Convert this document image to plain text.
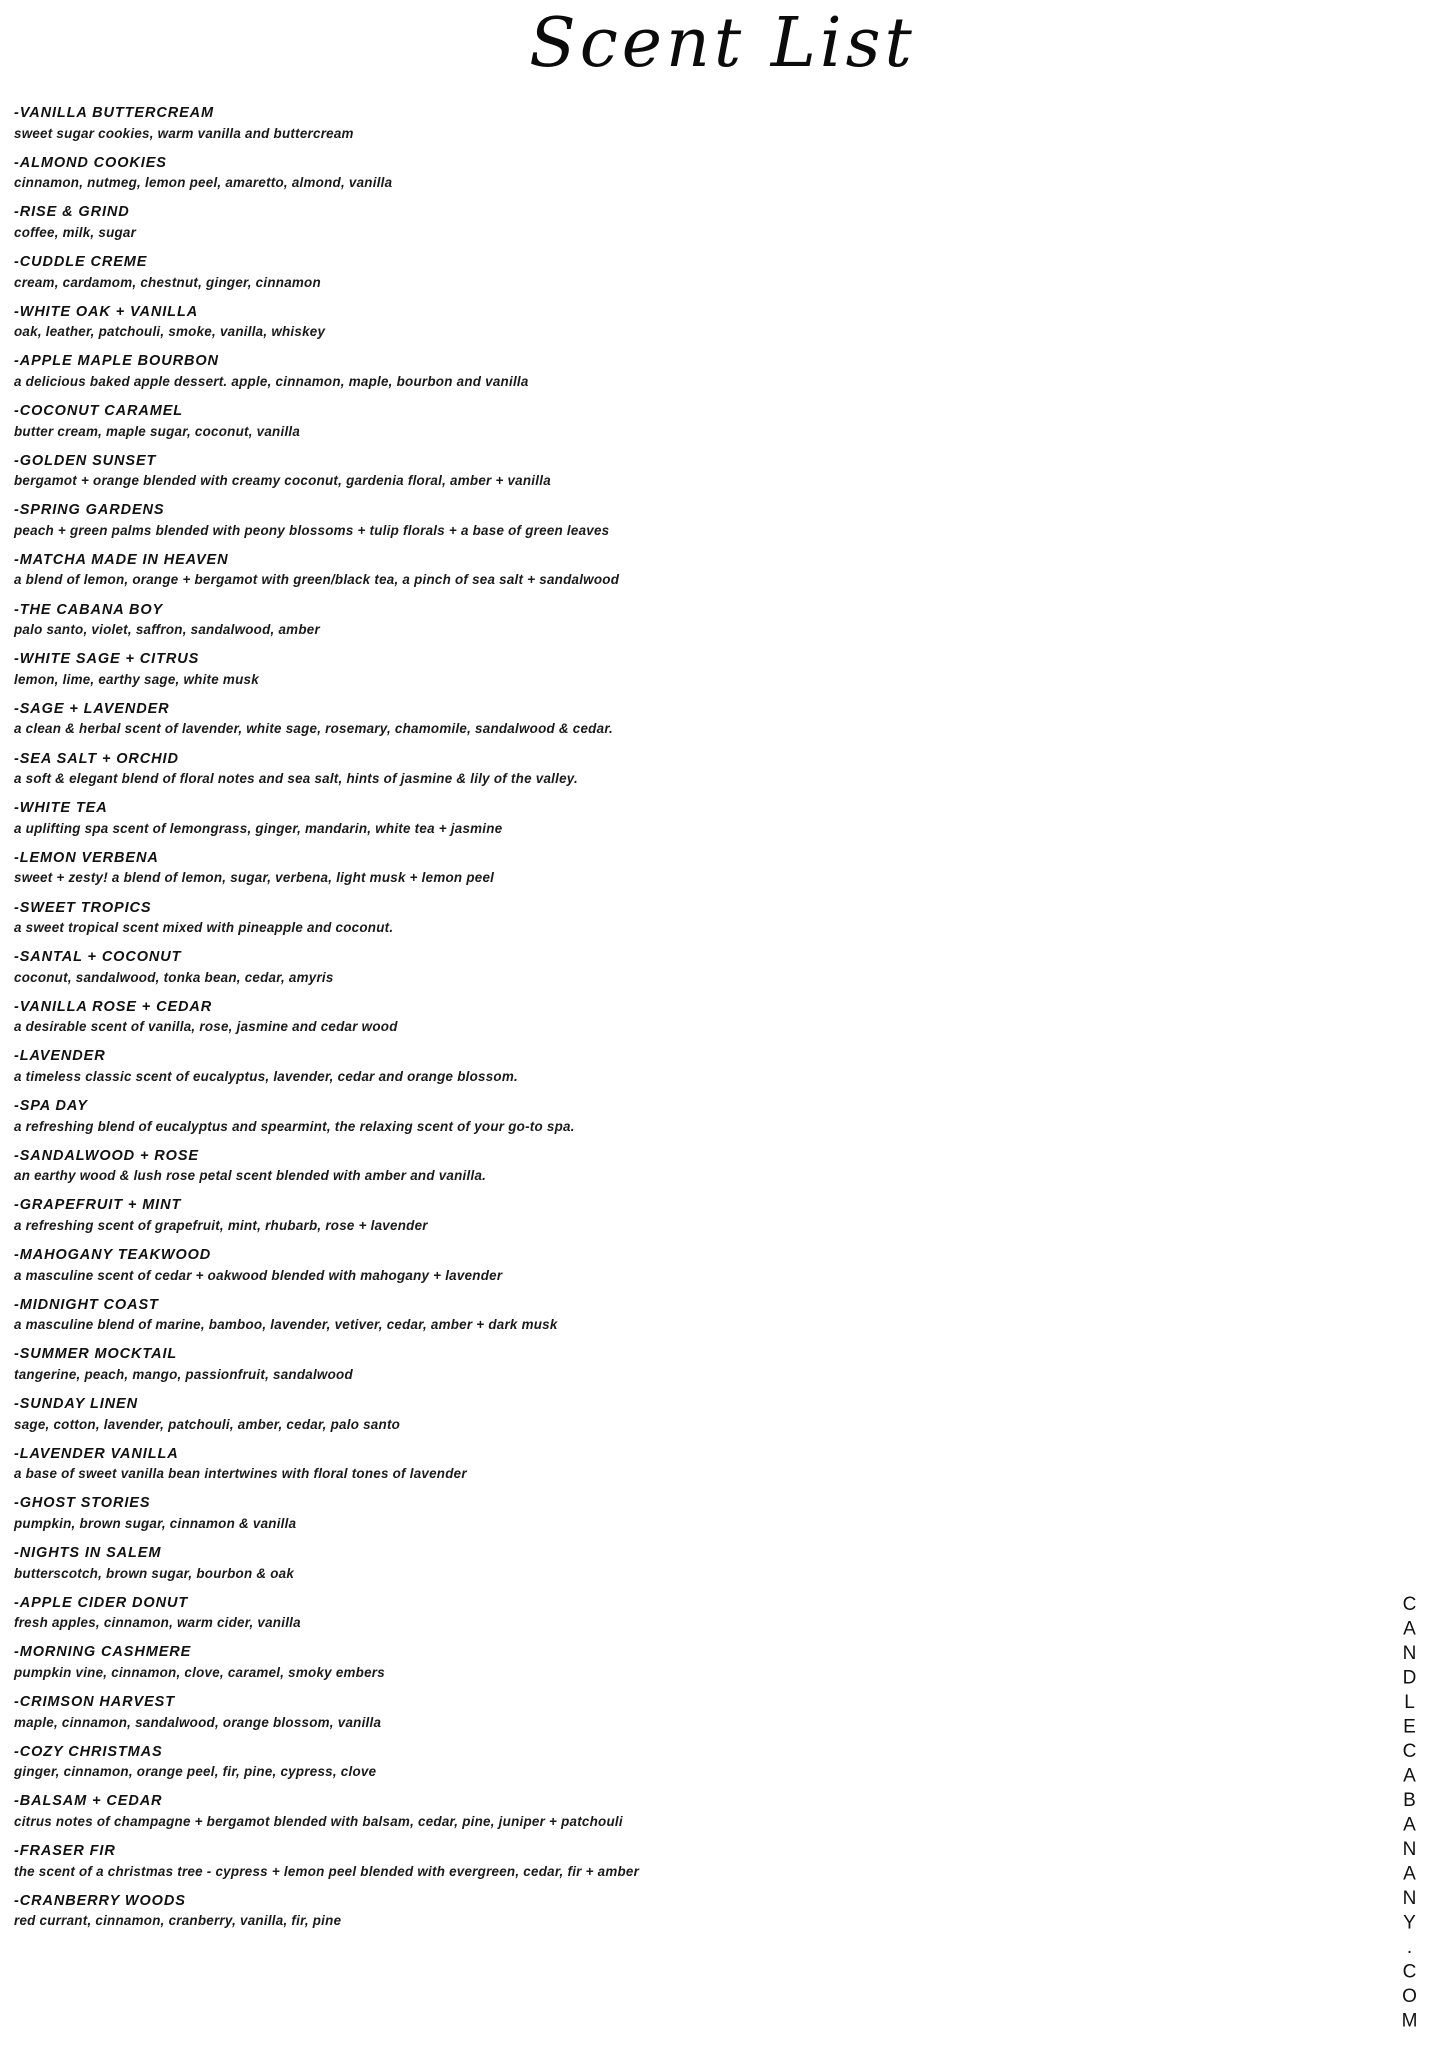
Scent List
-VANILLA BUTTERCREAM
sweet sugar cookies, warm vanilla and buttercream
-ALMOND COOKIES
cinnamon, nutmeg, lemon peel, amaretto, almond, vanilla
-RISE & GRIND
coffee, milk, sugar
-CUDDLE CREME
cream, cardamom, chestnut, ginger, cinnamon
-WHITE OAK + VANILLA
oak, leather, patchouli, smoke, vanilla, whiskey
-APPLE MAPLE BOURBON
a delicious baked apple dessert. apple, cinnamon, maple, bourbon and vanilla
-COCONUT CARAMEL
butter cream, maple sugar, coconut, vanilla
-GOLDEN SUNSET
bergamot + orange blended with creamy coconut, gardenia floral, amber + vanilla
-SPRING GARDENS
peach + green palms blended with peony blossoms + tulip florals + a base of green leaves
-MATCHA MADE IN HEAVEN
a blend of lemon, orange + bergamot with green/black tea, a pinch of sea salt + sandalwood
-THE CABANA BOY
palo santo, violet, saffron, sandalwood, amber
-WHITE SAGE + CITRUS
lemon, lime, earthy sage, white musk
-SAGE + LAVENDER
a clean & herbal scent of lavender, white sage, rosemary, chamomile, sandalwood & cedar.
-SEA SALT + ORCHID
a soft & elegant blend of floral notes and sea salt, hints of jasmine & lily of the valley.
-WHITE TEA
a uplifting spa scent of lemongrass, ginger, mandarin, white tea + jasmine
-LEMON VERBENA
sweet + zesty! a blend of lemon, sugar, verbena, light musk + lemon peel
-SWEET TROPICS
a sweet tropical scent mixed with pineapple and coconut.
-SANTAL + COCONUT
coconut, sandalwood, tonka bean, cedar, amyris
-VANILLA ROSE + CEDAR
a desirable scent of vanilla, rose, jasmine and cedar wood
-LAVENDER
a timeless classic scent of eucalyptus, lavender, cedar and orange blossom.
-SPA DAY
a refreshing blend of eucalyptus and spearmint, the relaxing scent of your go-to spa.
-SANDALWOOD + ROSE
an earthy wood & lush rose petal scent blended with amber and vanilla.
-GRAPEFRUIT + MINT
a refreshing scent of grapefruit, mint, rhubarb, rose + lavender
-MAHOGANY TEAKWOOD
a masculine scent of cedar + oakwood blended with mahogany + lavender
-MIDNIGHT COAST
a masculine blend of marine, bamboo, lavender, vetiver, cedar, amber + dark musk
-SUMMER MOCKTAIL
tangerine, peach, mango, passionfruit, sandalwood
-SUNDAY LINEN
sage, cotton, lavender, patchouli, amber, cedar, palo santo
-LAVENDER VANILLA
a base of sweet vanilla bean intertwines with floral tones of lavender
-GHOST STORIES
pumpkin, brown sugar, cinnamon & vanilla
-NIGHTS IN SALEM
butterscotch, brown sugar, bourbon & oak
-APPLE CIDER DONUT
fresh apples, cinnamon, warm cider, vanilla
-MORNING CASHMERE
pumpkin vine, cinnamon, clove, caramel, smoky embers
-CRIMSON HARVEST
maple, cinnamon, sandalwood, orange blossom, vanilla
-COZY CHRISTMAS
ginger, cinnamon, orange peel, fir, pine, cypress, clove
-BALSAM + CEDAR
citrus notes of champagne + bergamot blended with balsam, cedar, pine, juniper + patchouli
-FRASER FIR
the scent of a christmas tree - cypress + lemon peel blended with evergreen, cedar, fir + amber
-CRANBERRY WOODS
red currant, cinnamon, cranberry, vanilla, fir, pine	CANDLECABANANY.COM
